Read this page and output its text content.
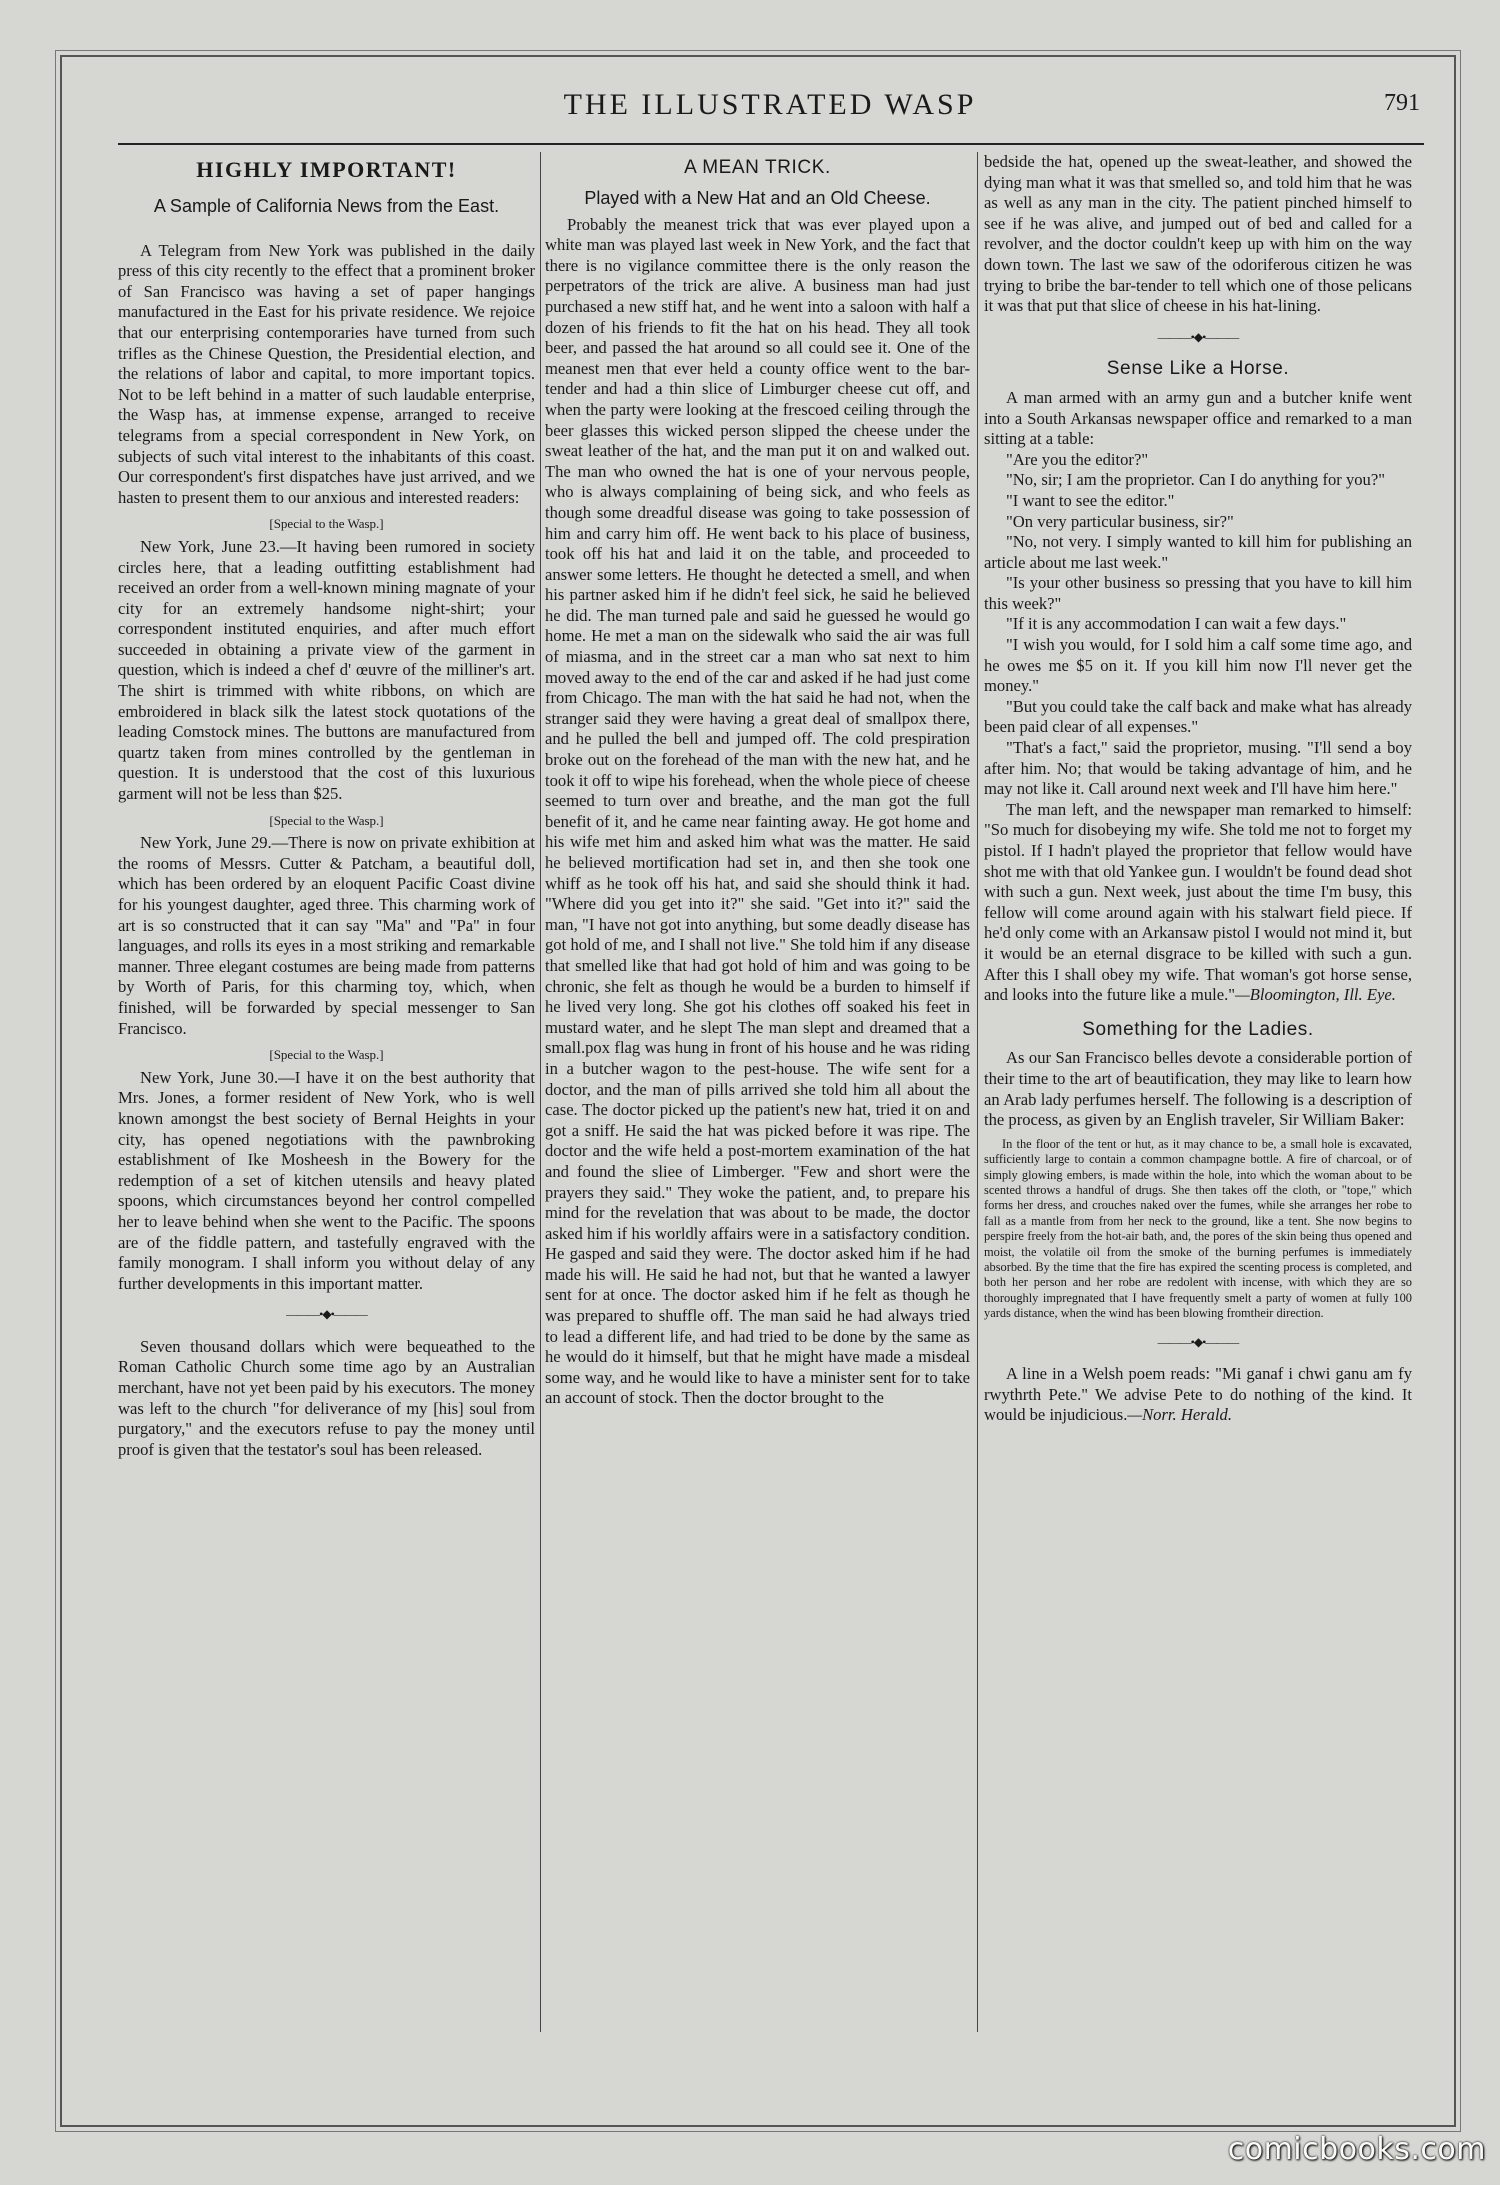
THE ILLUSTRATED WASP	791
HIGHLY IMPORTANT!
A Sample of California News from the East.

A Telegram from New York was published in the daily press of this city recently to the effect that a prominent broker of San Francisco was having a set of paper hangings manufactured in the East for his private residence. We rejoice that our enterprising contemporaries have turned from such trifles as the Chinese Question, the Presidential election, and the relations of labor and capital, to more important topics. Not to be left behind in a matter of such laudable enterprise, the Wasp has, at immense expense, arranged to receive telegrams from a special correspondent in New York, on subjects of such vital interest to the inhabitants of this coast. Our correspondent's first dispatches have just arrived, and we hasten to present them to our anxious and interested readers:

[Special to the Wasp.]

New York, June 23.—It having been rumored in society circles here, that a leading outfitting establishment had received an order from a well-known mining magnate of your city for an extremely handsome night-shirt; your correspondent instituted enquiries, and after much effort succeeded in obtaining a private view of the garment in question, which is indeed a chef d' œuvre of the milliner's art. The shirt is trimmed with white ribbons, on which are embroidered in black silk the latest stock quotations of the leading Comstock mines. The buttons are manufactured from quartz taken from mines controlled by the gentleman in question. It is understood that the cost of this luxurious garment will not be less than $25.

[Special to the Wasp.]

New York, June 29.—There is now on private exhibition at the rooms of Messrs. Cutter & Patcham, a beautiful doll, which has been ordered by an eloquent Pacific Coast divine for his youngest daughter, aged three. This charming work of art is so constructed that it can say "Ma" and "Pa" in four languages, and rolls its eyes in a most striking and remarkable manner. Three elegant costumes are being made from patterns by Worth of Paris, for this charming toy, which, when finished, will be forwarded by special messenger to San Francisco.

[Special to the Wasp.]

New York, June 30.—I have it on the best authority that Mrs. Jones, a former resident of New York, who is well known amongst the best society of Bernal Heights in your city, has opened negotiations with the pawnbroking establishment of Ike Mosheesh in the Bowery for the redemption of a set of kitchen utensils and heavy plated spoons, which circumstances beyond her control compelled her to leave behind when she went to the Pacific. The spoons are of the fiddle pattern, and tastefully engraved with the family monogram. I shall inform you without delay of any further developments in this important matter.

———•◆•———

Seven thousand dollars which were bequeathed to the Roman Catholic Church some time ago by an Australian merchant, have not yet been paid by his executors. The money was left to the church "for deliverance of my [his] soul from purgatory," and the executors refuse to pay the money until proof is given that the testator's soul has been released.

A MEAN TRICK.
Played with a New Hat and an Old Cheese.

Probably the meanest trick that was ever played upon a white man was played last week in New York, and the fact that there is no vigilance committee there is the only reason the perpetrators of the trick are alive. A business man had just purchased a new stiff hat, and he went into a saloon with half a dozen of his friends to fit the hat on his head. They all took beer, and passed the hat around so all could see it. One of the meanest men that ever held a county office went to the bar-tender and had a thin slice of Limburger cheese cut off, and when the party were looking at the frescoed ceiling through the beer glasses this wicked person slipped the cheese under the sweat leather of the hat, and the man put it on and walked out. The man who owned the hat is one of your nervous people, who is always complaining of being sick, and who feels as though some dreadful disease was going to take possession of him and carry him off. He went back to his place of business, took off his hat and laid it on the table, and proceeded to answer some letters. He thought he detected a smell, and when his partner asked him if he didn't feel sick, he said he believed he did. The man turned pale and said he guessed he would go home. He met a man on the sidewalk who said the air was full of miasma, and in the street car a man who sat next to him moved away to the end of the car and asked if he had just come from Chicago. The man with the hat said he had not, when the stranger said they were having a great deal of smallpox there, and he pulled the bell and jumped off. The cold prespiration broke out on the forehead of the man with the new hat, and he took it off to wipe his forehead, when the whole piece of cheese seemed to turn over and breathe, and the man got the full benefit of it, and he came near fainting away. He got home and his wife met him and asked him what was the matter. He said he believed mortification had set in, and then she took one whiff as he took off his hat, and said she should think it had. "Where did you get into it?" she said. "Get into it?" said the man, "I have not got into anything, but some deadly disease has got hold of me, and I shall not live." She told him if any disease that smelled like that had got hold of him and was going to be chronic, she felt as though he would be a burden to himself if he lived very long. She got his clothes off soaked his feet in mustard water, and he slept The man slept and dreamed that a small.pox flag was hung in front of his house and he was riding in a butcher wagon to the pest-house. The wife sent for a doctor, and the man of pills arrived she told him all about the case. The doctor picked up the patient's new hat, tried it on and got a sniff. He said the hat was picked before it was ripe. The doctor and the wife held a post-mortem examination of the hat and found the sliee of Limberger. "Few and short were the prayers they said." They woke the patient, and, to prepare his mind for the revelation that was about to be made, the doctor asked him if his worldly affairs were in a satisfactory condition. He gasped and said they were. The doctor asked him if he had made his will. He said he had not, but that he wanted a lawyer sent for at once. The doctor asked him if he felt as though he was prepared to shuffle off. The man said he had always tried to lead a different life, and had tried to be done by the same as he would do it himself, but that he might have made a misdeal some way, and he would like to have a minister sent for to take an account of stock. Then the doctor brought to the

bedside the hat, opened up the sweat-leather, and showed the dying man what it was that smelled so, and told him that he was as well as any man in the city. The patient pinched himself to see if he was alive, and jumped out of bed and called for a revolver, and the doctor couldn't keep up with him on the way down town. The last we saw of the odoriferous citizen he was trying to bribe the bar-tender to tell which one of those pelicans it was that put that slice of cheese in his hat-lining.

———•◆•———
Sense Like a Horse.

A man armed with an army gun and a butcher knife went into a South Arkansas newspaper office and remarked to a man sitting at a table:

"Are you the editor?"

"No, sir; I am the proprietor. Can I do anything for you?"

"I want to see the editor."

"On very particular business, sir?"

"No, not very. I simply wanted to kill him for publishing an article about me last week."

"Is your other business so pressing that you have to kill him this week?"

"If it is any accommodation I can wait a few days."

"I wish you would, for I sold him a calf some time ago, and he owes me $5 on it. If you kill him now I'll never get the money."

"But you could take the calf back and make what has already been paid clear of all expenses."

"That's a fact," said the proprietor, musing. "I'll send a boy after him. No; that would be taking advantage of him, and he may not like it. Call around next week and I'll have him here."

The man left, and the newspaper man remarked to himself: "So much for disobeying my wife. She told me not to forget my pistol. If I hadn't played the proprietor that fellow would have shot me with that old Yankee gun. I wouldn't be found dead shot with such a gun. Next week, just about the time I'm busy, this fellow will come around again with his stalwart field piece. If he'd only come with an Arkansaw pistol I would not mind it, but it would be an eternal disgrace to be killed with such a gun. After this I shall obey my wife. That woman's got horse sense, and looks into the future like a mule."—Bloomington, Ill. Eye.

Something for the Ladies.

As our San Francisco belles devote a considerable portion of their time to the art of beautification, they may like to learn how an Arab lady perfumes herself. The following is a description of the process, as given by an English traveler, Sir William Baker:

In the floor of the tent or hut, as it may chance to be, a small hole is excavated, sufficiently large to contain a common champagne bottle. A fire of charcoal, or of simply glowing embers, is made within the hole, into which the woman about to be scented throws a handful of drugs. She then takes off the cloth, or "tope," which forms her dress, and crouches naked over the fumes, while she arranges her robe to fall as a mantle from from her neck to the ground, like a tent. She now begins to perspire freely from the hot-air bath, and, the pores of the skin being thus opened and moist, the volatile oil from the smoke of the burning perfumes is immediately absorbed. By the time that the fire has expired the scenting process is completed, and both her person and her robe are redolent with incense, with which they are so thoroughly impregnated that I have frequently smelt a party of women at fully 100 yards distance, when the wind has been blowing fromtheir direction.

———•◆•———

A line in a Welsh poem reads: "Mi ganaf i chwi ganu am fy rwythrth Pete." We advise Pete to do nothing of the kind. It would be injudicious.—Norr. Herald.

comicbooks.com
